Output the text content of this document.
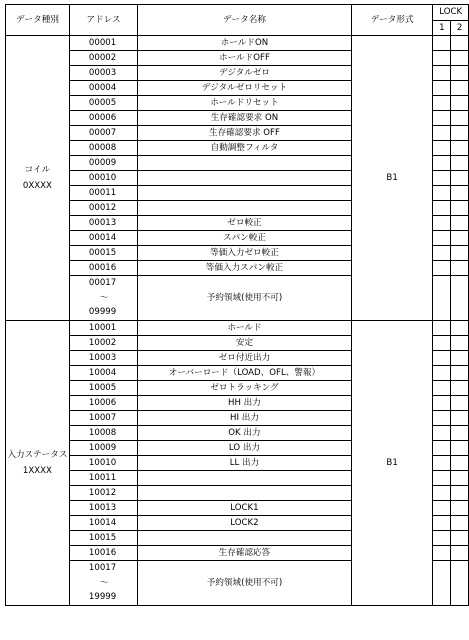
データ種別	アドレス	データ名称	データ形式	LOCK	
				1	2

コイル
0XXXX	00001	ホールドON	B1		
	00002	ホールドOFF			
	00003	デジタルゼロ			
	00004	デジタルゼロリセット			
	00005	ホールドリセット			
	00006	生存確認要求 ON			
	00007	生存確認要求 OFF			
	00008	自動調整フィルタ			
	00009				
	00010				
	00011				
	00012				
	00013	ゼロ較正			
	00014	スパン較正			
	00015	等価入力ゼロ較正			
	00016	等価入力スパン較正			
	00017	予約領域(使用不可)			
	～				
	09999				

入力ステータス
1XXXX	10001	ホールド	B1		
	10002	安定			
	10003	ゼロ付近出力			
	10004	オーバーロード（LOAD、OFL、警報）			
	10005	ゼロトラッキング			
	10006	HH 出力			
	10007	HI 出力			
	10008	OK 出力			
	10009	LO 出力			
	10010	LL 出力			
	10011				
	10012				
	10013	LOCK1			
	10014	LOCK2			
	10015				
	10016	生存確認応答			
	10017	予約領域(使用不可)			
	～				
	19999				
